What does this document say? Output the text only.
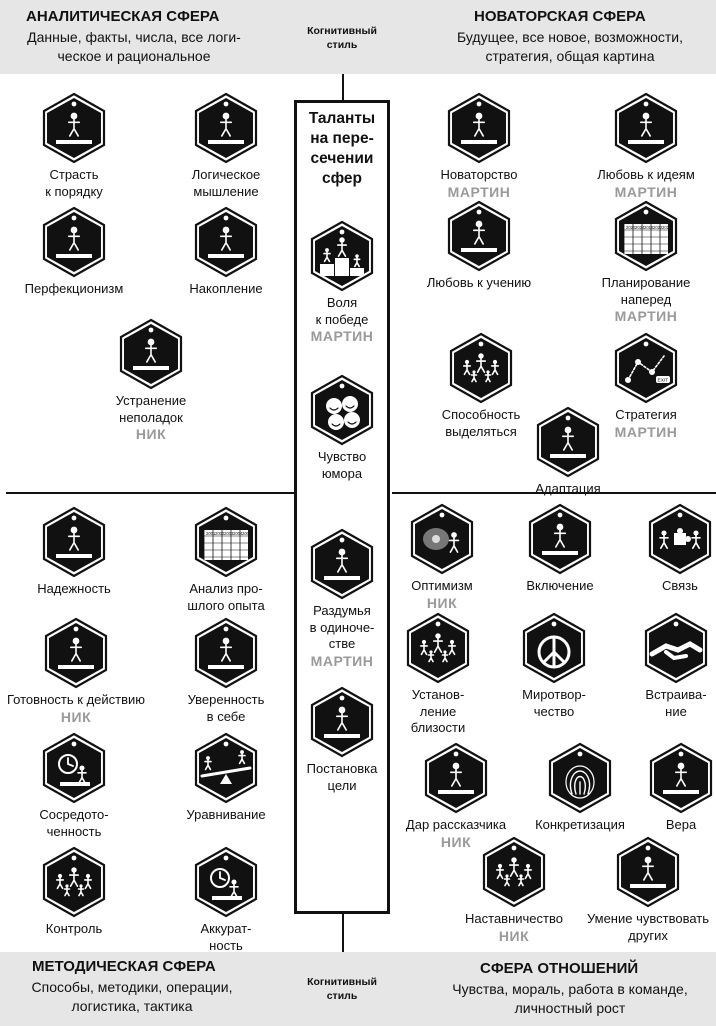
АНАЛИТИЧЕСКАЯ СФЕРА
Данные, факты, числа, все логи-
ческое и рациональное
НОВАТОРСКАЯ СФЕРА
Будущее, все новое, возможности,
стратегия, общая картина
МЕТОДИЧЕСКАЯ СФЕРА
Способы, методики, операции,
логистика, тактика
СФЕРА ОТНОШЕНИЙ
Чувства, мораль, работа в команде,
личностный рост
Когнитивный
стиль
Когнитивный
стиль
Таланты
на пере-
сечении
сфер
Страсть
к порядку
Логическое
мышление
Перфекционизм	Накопление
Устранение
неполадок
НИК
Новаторство
МАРТИН
Любовь к идеям
МАРТИН
Любовь к учению
2020 2024 2016 2022 2022
Планирование
наперед
МАРТИН
Способность
выделяться
EXIT
Стратегия
МАРТИН
Адаптация
Воля
к победе
МАРТИН
Чувство
юмора
Раздумья
в одиноче-
стве
МАРТИН
Постановка
цели
Надежность
2001 2002 2003 2004 2005
Анализ про-
шлого опыта
Готовность к действию
НИК
Уверенность
в себе
Сосредото-
ченность
Уравнивание
Контроль	Аккурат-
ность
Оптимизм
НИК
Включение	Связь
Установ-
ление
близости
Миротвор-
чество
Встраива-
ние
Дар рассказчика
НИК
Конкретизация	Вера
Наставничество
НИК
Умение чувствовать
других
